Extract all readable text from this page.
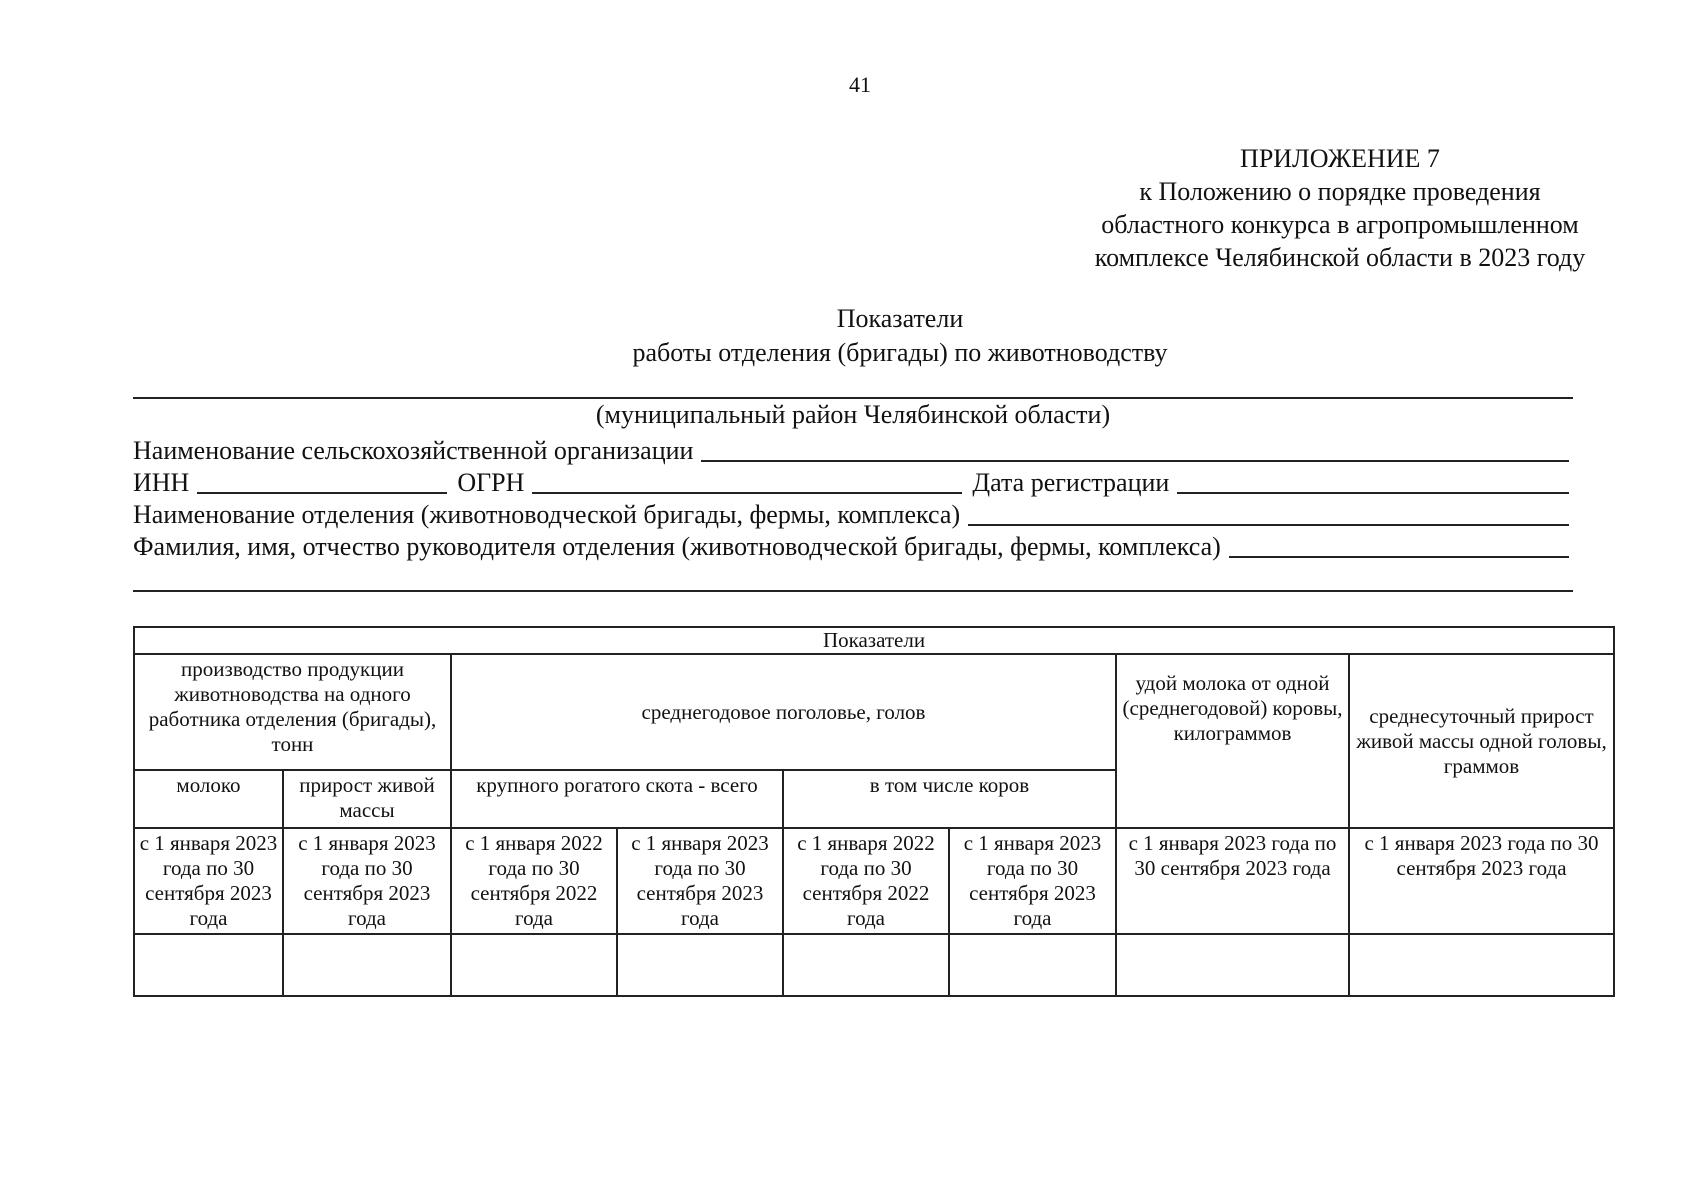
41
ПРИЛОЖЕНИЕ 7
к Положению о порядке проведения
областного конкурса в агропромышленном
комплексе Челябинской области в 2023 году
Показатели
работы отделения (бригады) по животноводству
(муниципальный район Челябинской области)
Наименование сельскохозяйственной организации
ИНН	ОГРН	Дата регистрации
Наименование отделения (животноводческой бригады, фермы, комплекса)
Фамилия, имя, отчество руководителя отделения (животноводческой бригады, фермы, комплекса)
Показатели							
производство продукции животноводства на одного работника отделения (бригады), тонн		среднегодовое поголовье, голов				удой молока от одной (среднегодовой) коровы, килограммов	среднесуточный прирост живой массы одной головы, граммов
молоко	прирост живой массы	крупного рогатого скота - всего		в том числе коров			
с 1 января 2023 года по 30 сентября 2023 года	с 1 января 2023 года по 30 сентября 2023 года	с 1 января 2022 года по 30 сентября 2022 года	с 1 января 2023 года по 30 сентября 2023 года	с 1 января 2022 года по 30 сентября 2022 года	с 1 января 2023 года по 30 сентября 2023 года	с 1 января 2023 года по 30 сентября 2023 года	с 1 января 2023 года по 30 сентября 2023 года
